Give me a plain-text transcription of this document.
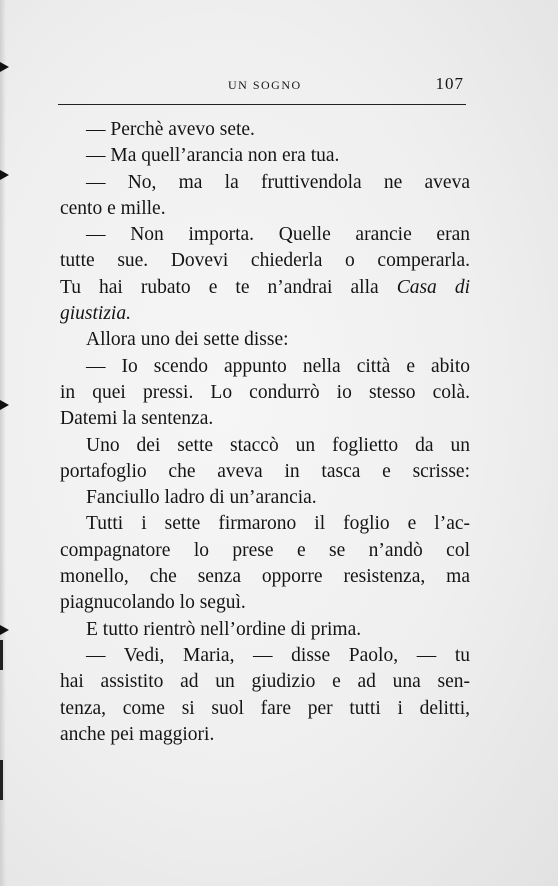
UN SOGNO	107
— Perchè avevo sete.
— Ma quell’arancia non era tua.
— No, ma la fruttivendola ne aveva
cento e mille.
— Non importa. Quelle arancie eran
tutte sue. Dovevi chiederla o comperarla.
Tu hai rubato e te n’andrai alla Casa di
giustizia.
Allora uno dei sette disse:
— Io scendo appunto nella città e abito
in quei pressi. Lo condurrò io stesso colà.
Datemi la sentenza.
Uno dei sette staccò un foglietto da un
portafoglio che aveva in tasca e scrisse:
Fanciullo ladro di un’arancia.
Tutti i sette firmarono il foglio e l’ac-
compagnatore lo prese e se n’andò col
monello, che senza opporre resistenza, ma
piagnucolando lo seguì.
E tutto rientrò nell’ordine di prima.
— Vedi, Maria, — disse Paolo, — tu
hai assistito ad un giudizio e ad una sen-
tenza, come si suol fare per tutti i delitti,
anche pei maggiori.
